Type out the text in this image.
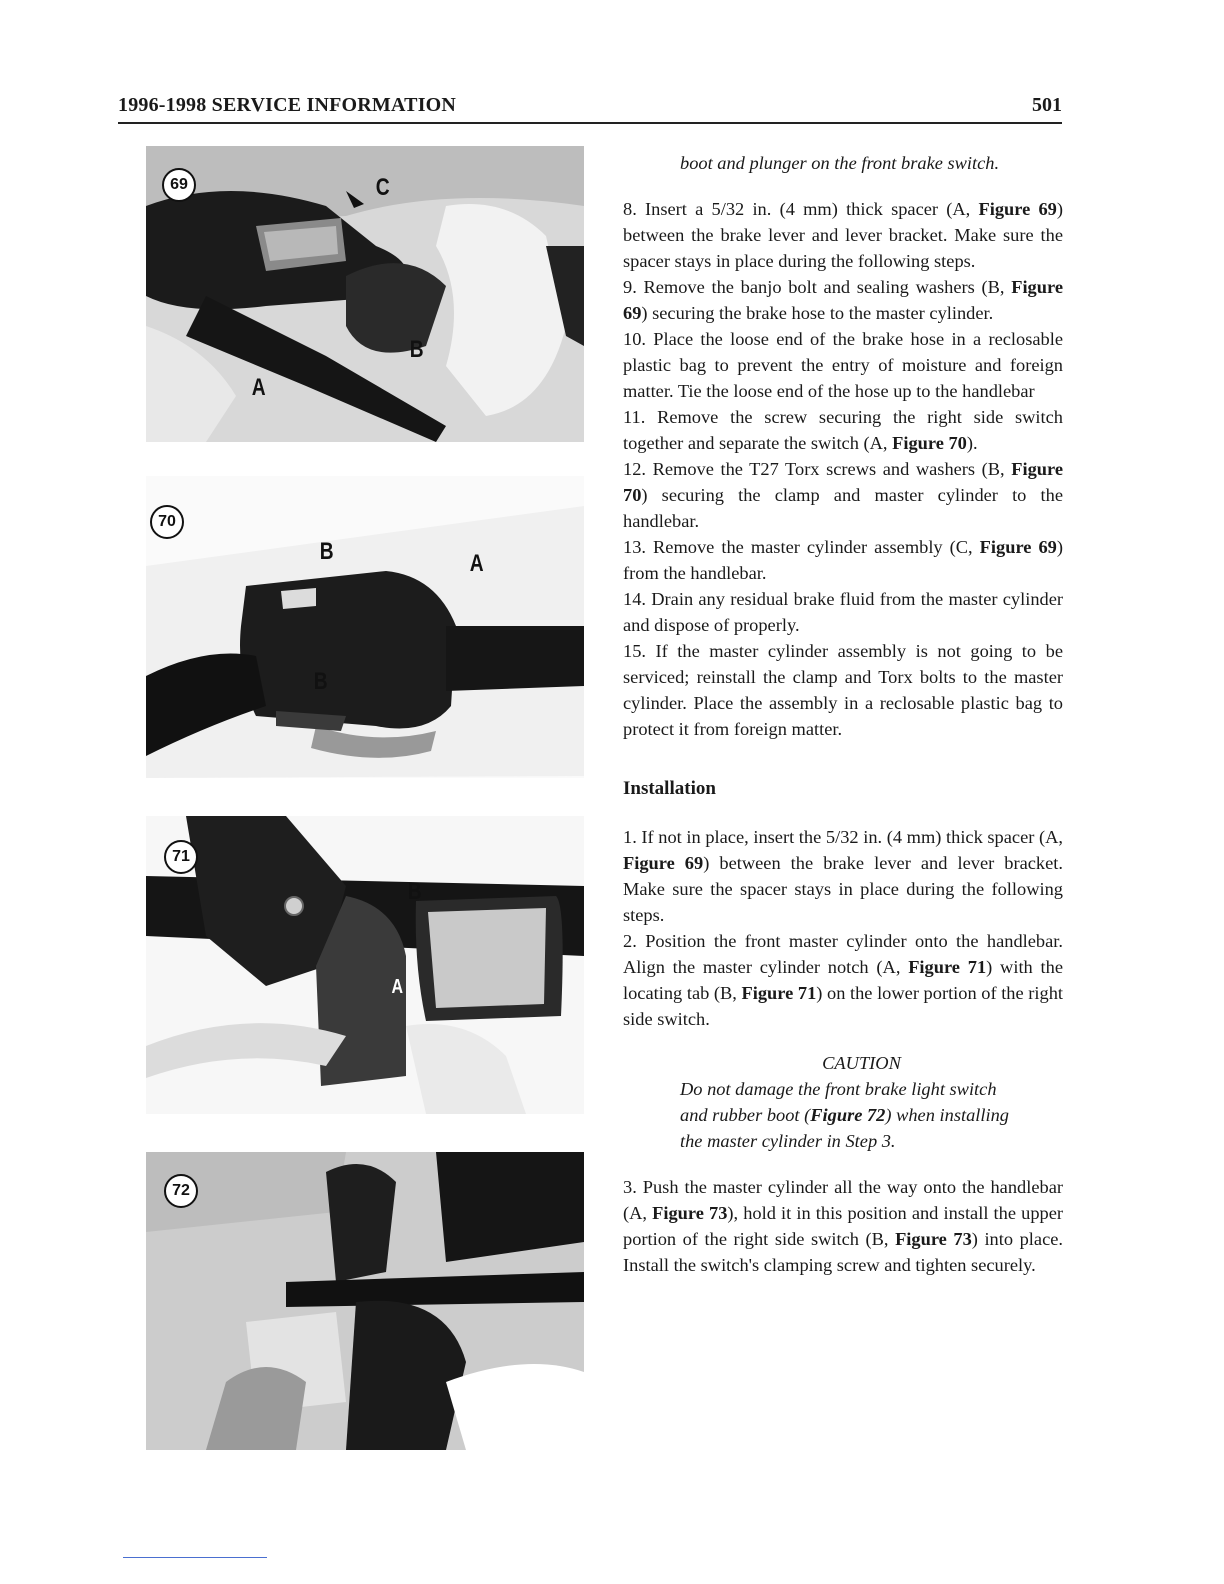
1996-1998 SERVICE INFORMATION	501
69	C
B
A
70
B	A
B
71
B
A
72

boot and plunger on the front brake switch.

8. Insert a 5/32 in. (4 mm) thick spacer (A, Figure 69) between the brake lever and lever bracket. Make sure the spacer stays in place during the following steps.

9. Remove the banjo bolt and sealing washers (B, Figure 69) securing the brake hose to the master cylinder.

10. Place the loose end of the brake hose in a reclosable plastic bag to prevent the entry of moisture and foreign matter. Tie the loose end of the hose up to the handlebar

11. Remove the screw securing the right side switch together and separate the switch (A, Figure 70).

12. Remove the T27 Torx screws and washers (B, Figure 70) securing the clamp and master cylinder to the handlebar.

13. Remove the master cylinder assembly (C, Figure 69) from the handlebar.

14. Drain any residual brake fluid from the master cylinder and dispose of properly.

15. If the master cylinder assembly is not going to be serviced; reinstall the clamp and Torx bolts to the master cylinder. Place the assembly in a reclosable plastic bag to protect it from foreign matter.

Installation

1. If not in place, insert the 5/32 in. (4 mm) thick spacer (A, Figure 69) between the brake lever and lever bracket. Make sure the spacer stays in place during the following steps.

2. Position the front master cylinder onto the handlebar. Align the master cylinder notch (A, Figure 71) with the locating tab (B, Figure 71) on the lower portion of the right side switch.

CAUTION

Do not damage the front brake light switch and rubber boot (Figure 72) when installing the master cylinder in Step 3.

3. Push the master cylinder all the way onto the handlebar (A, Figure 73), hold it in this position and install the upper portion of the right side switch (B, Figure 73) into place. Install the switch's clamping screw and tighten securely.
